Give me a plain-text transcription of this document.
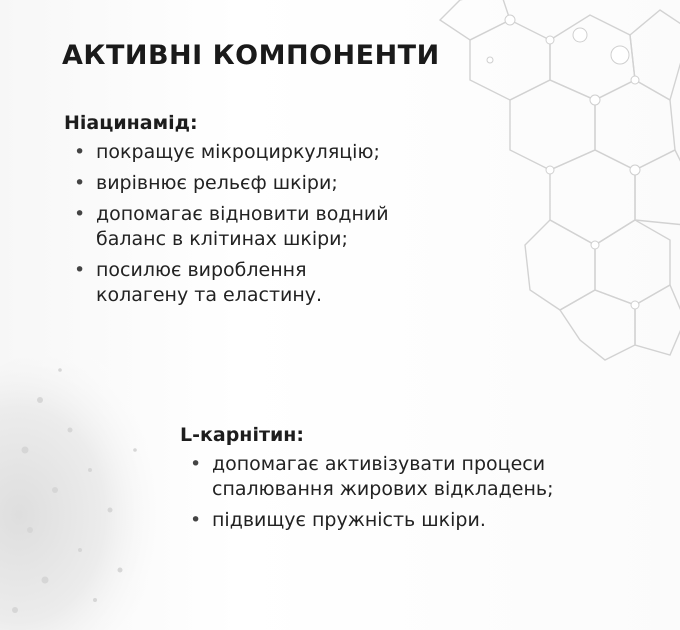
АКТИВНІ КОМПОНЕНТИ
Ніацинамід:
• покращує мікроциркуляцію;
• вирівнює рельєф шкіри;
• допомагає відновити водний
баланс в клітинах шкіри;
• посилює вироблення
колагену та еластину.
L-карнітин:
• допомагає активізувати процеси
спалювання жирових відкладень;
• підвищує пружність шкіри.
